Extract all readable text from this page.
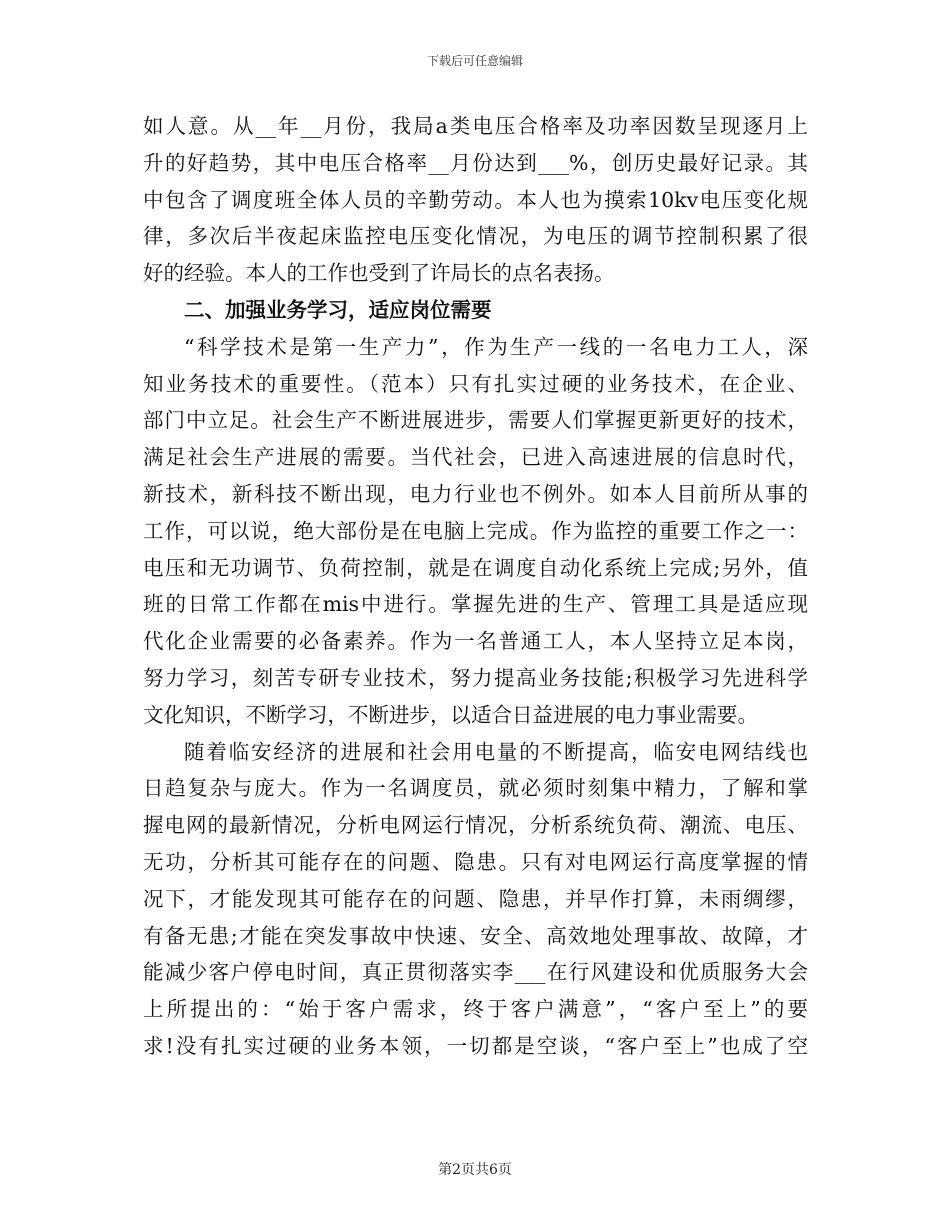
下载后可任意编辑
如人意。从__年__月份，我局a类电压合格率及功率因数呈现逐月上
升的好趋势，其中电压合格率__月份达到___%，创历史最好记录。其
中包含了调度班全体人员的辛勤劳动。本人也为摸索10kv电压变化规
律，多次后半夜起床监控电压变化情况，为电压的调节控制积累了很
好的经验。本人的工作也受到了许局长的点名表扬。
二、加强业务学习，适应岗位需要
“科学技术是第一生产力”，作为生产一线的一名电力工人，深
知业务技术的重要性。（范本）只有扎实过硬的业务技术，在企业、
部门中立足。社会生产不断进展进步，需要人们掌握更新更好的技术，
满足社会生产进展的需要。当代社会，已进入高速进展的信息时代，
新技术，新科技不断出现，电力行业也不例外。如本人目前所从事的
工作，可以说，绝大部份是在电脑上完成。作为监控的重要工作之一：
电压和无功调节、负荷控制，就是在调度自动化系统上完成;另外，值
班的日常工作都在mis中进行。掌握先进的生产、管理工具是适应现
代化企业需要的必备素养。作为一名普通工人，本人坚持立足本岗，
努力学习，刻苦专研专业技术，努力提高业务技能;积极学习先进科学
文化知识，不断学习，不断进步，以适合日益进展的电力事业需要。
随着临安经济的进展和社会用电量的不断提高，临安电网结线也
日趋复杂与庞大。作为一名调度员，就必须时刻集中精力，了解和掌
握电网的最新情况，分析电网运行情况，分析系统负荷、潮流、电压、
无功，分析其可能存在的问题、隐患。只有对电网运行高度掌握的情
况下，才能发现其可能存在的问题、隐患，并早作打算，未雨绸缪，
有备无患;才能在突发事故中快速、安全、高效地处理事故、故障，才
能减少客户停电时间，真正贯彻落实李___在行风建设和优质服务大会
上所提出的：“始于客户需求，终于客户满意”，“客户至上”的要
求!没有扎实过硬的业务本领，一切都是空谈，“客户至上”也成了空
第2页共6页
